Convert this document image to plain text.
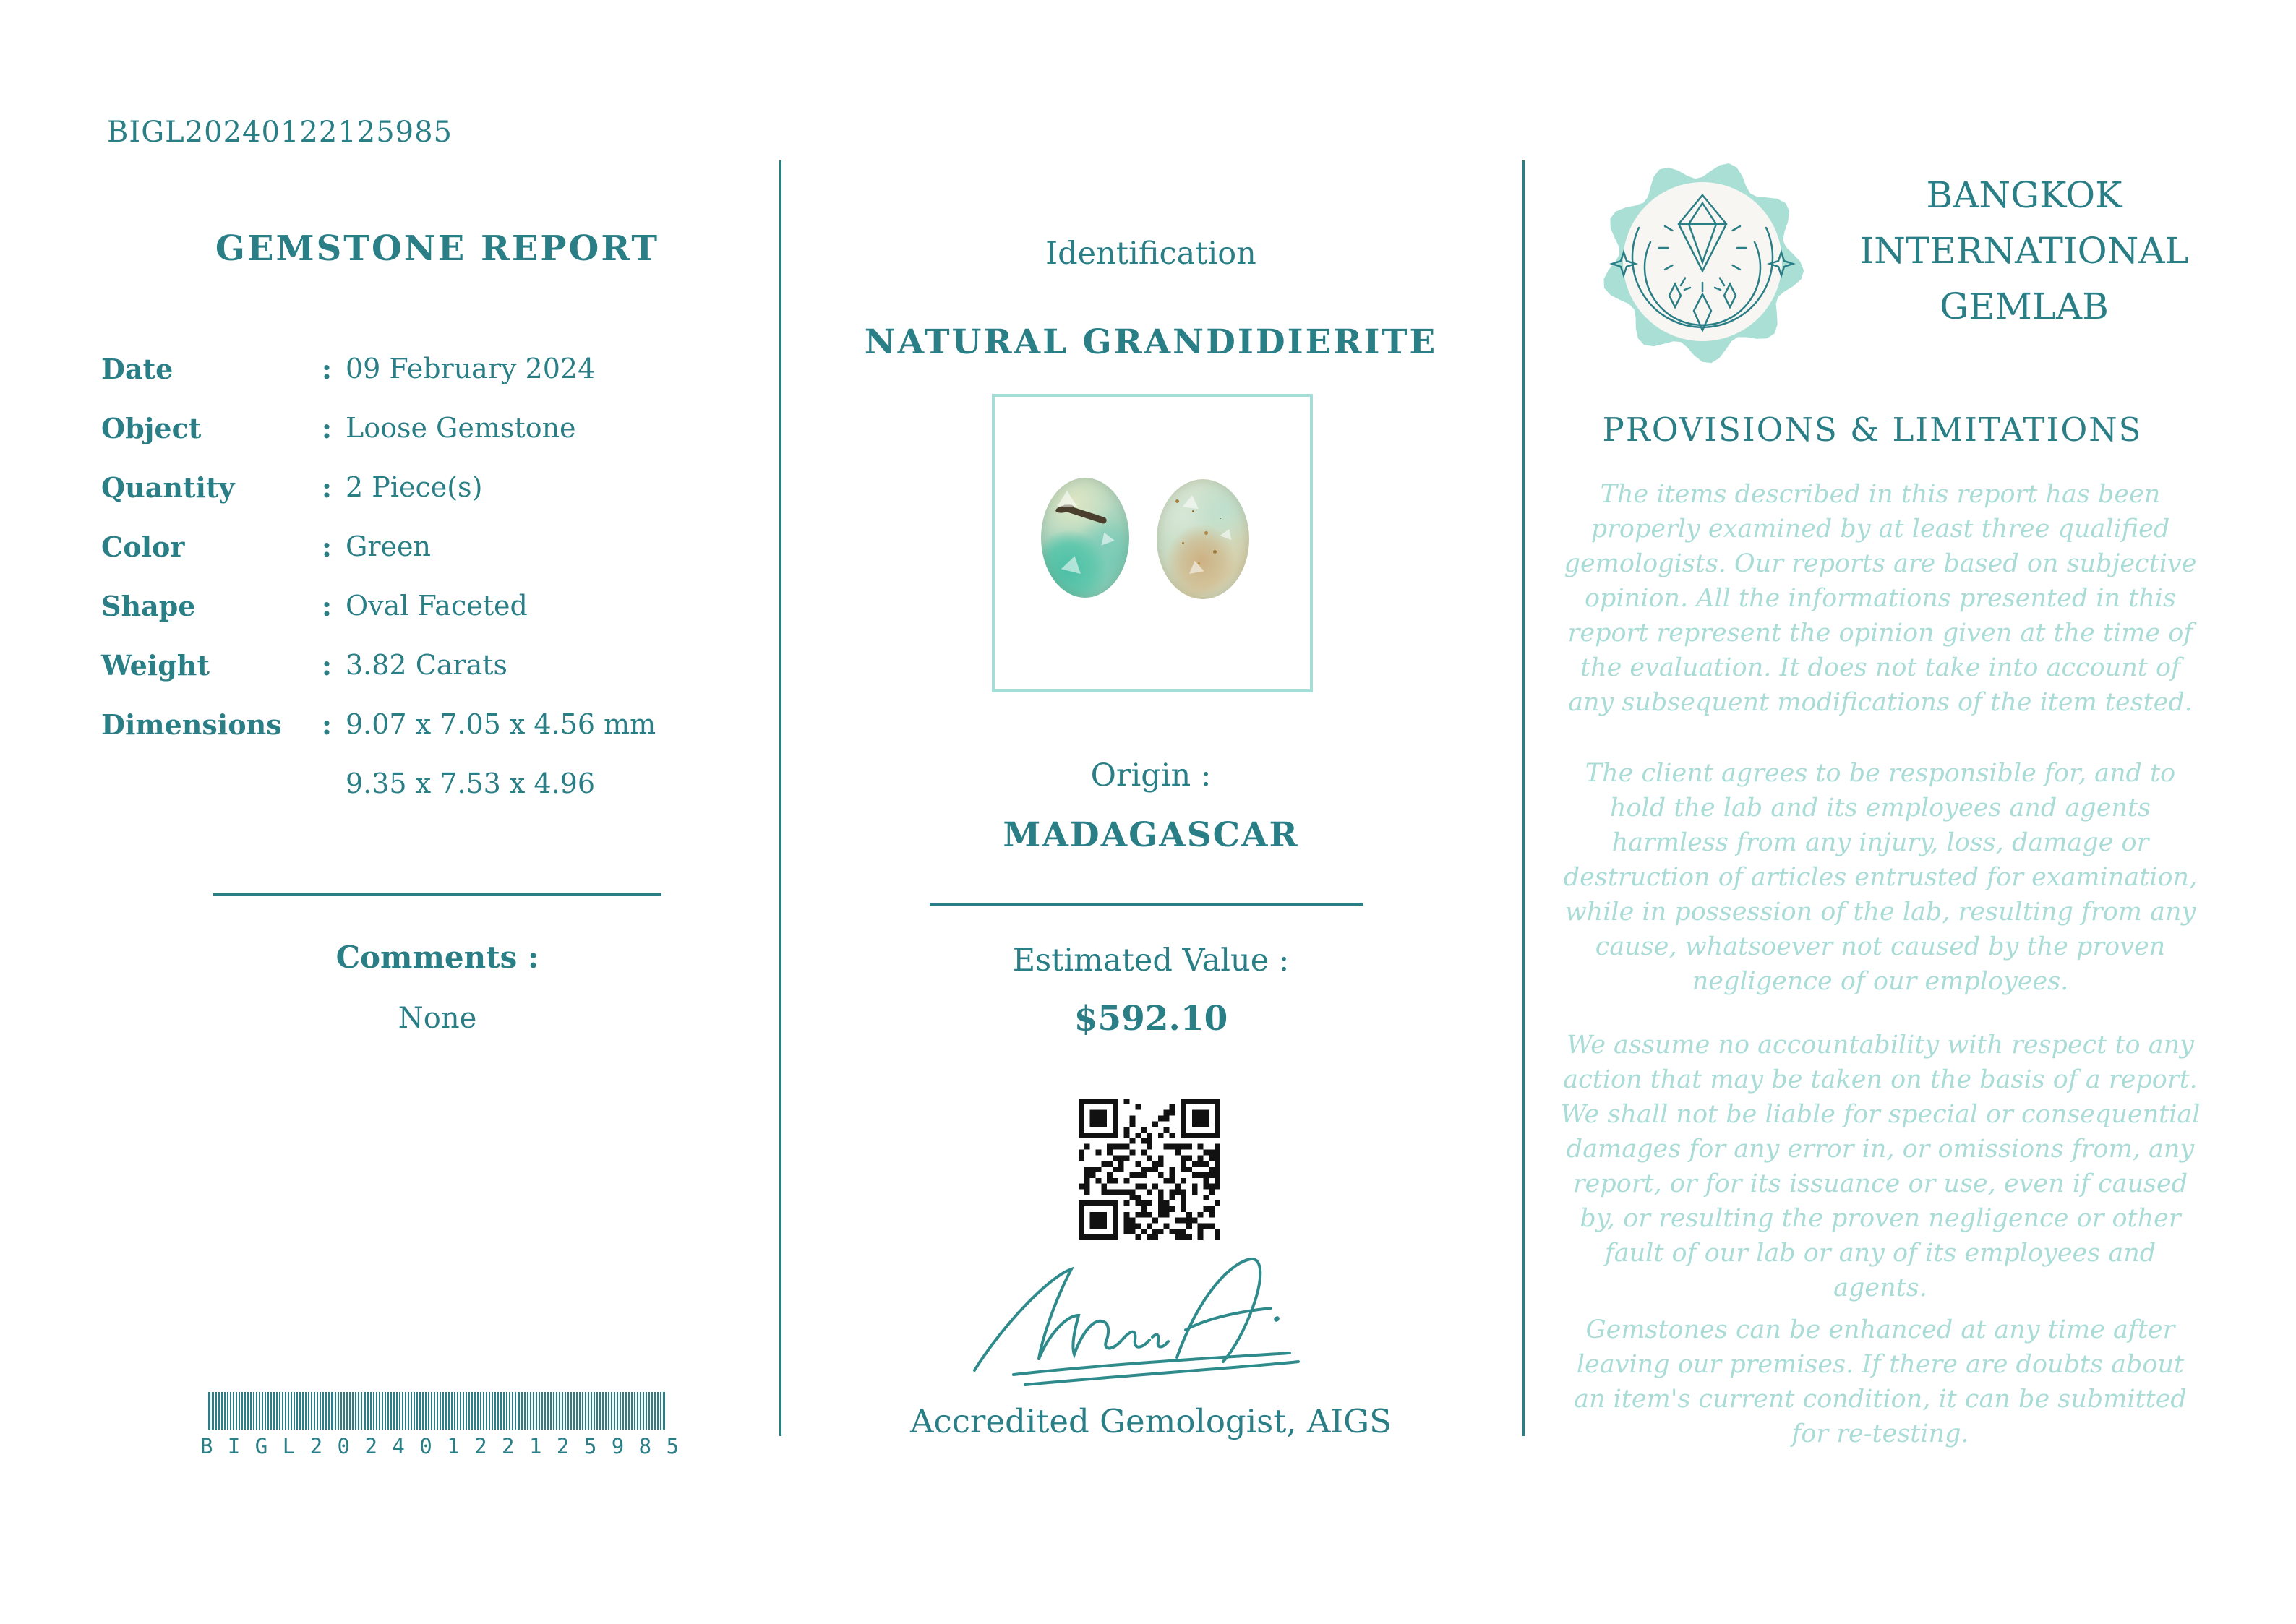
BIGL20240122125985
GEMSTONE REPORT
Date	: 09 February 2024
Object	: Loose Gemstone
Quantity	: 2 Piece(s)
Color	: Green
Shape	: Oval Faceted
Weight	: 3.82 Carats
Dimensions : 9.07 x 7.05 x 4.56 mm
9.35 x 7.53 x 4.96
Comments :
None
B I G L 2 0 2 4 0 1 2 2 1 2 5 9 8 5
Identification
NATURAL GRANDIDIERITE
Origin :
MADAGASCAR
Estimated Value :
$592.10
Accredited Gemologist, AIGS
BANGKOK
INTERNATIONAL
GEMLAB
PROVISIONS & LIMITATIONS
The items described in this report has been properly examined by at least three qualified gemologists. Our reports are based on subjective opinion. All the informations presented in this report represent the opinion given at the time of the evaluation. It does not take into account of any subsequent modifications of the item tested.
The client agrees to be responsible for, and to hold the lab and its employees and agents harmless from any injury, loss, damage or destruction of articles entrusted for examination, while in possession of the lab, resulting from any cause, whatsoever not caused by the proven negligence of our employees.
We assume no accountability with respect to any action that may be taken on the basis of a report. We shall not be liable for special or consequential damages for any error in, or omissions from, any report, or for its issuance or use, even if caused by, or resulting the proven negligence or other fault of our lab or any of its employees and agents.
Gemstones can be enhanced at any time after leaving our premises. If there are doubts about an item's current condition, it can be submitted for re-testing.
